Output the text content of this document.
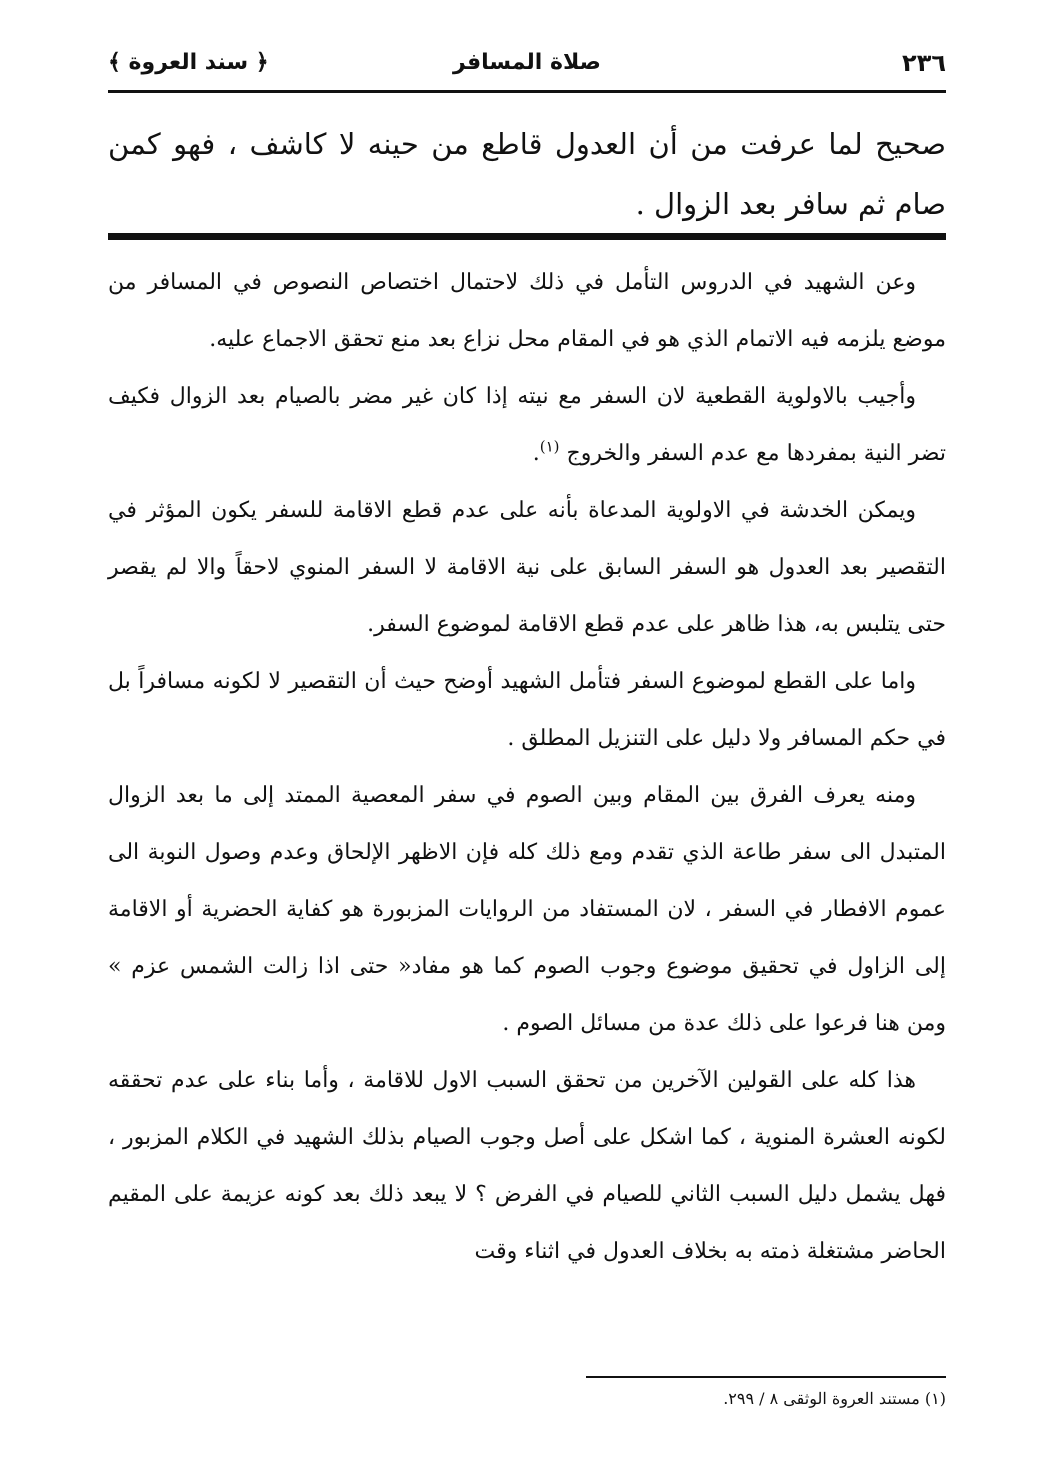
٢٣٦
صلاة المسافر
﴿ سند العروة ﴾

صحيح لما عرفت من أن العدول قاطع من حينه لا كاشف ، فهو كمن صام ثم سافر بعد الزوال .

وعن الشهيد في الدروس التأمل في ذلك لاحتمال اختصاص النصوص في المسافر من موضع يلزمه فيه الاتمام الذي هو في المقام محل نزاع بعد منع تحقق الاجماع عليه.

وأجيب بالاولوية القطعية لان السفر مع نيته إذا كان غير مضر بالصيام بعد الزوال فكيف تضر النية بمفردها مع عدم السفر والخروج $^{(١)}$.

ويمكن الخدشة في الاولوية المدعاة بأنه على عدم قطع الاقامة للسفر يكون المؤثر في التقصير بعد العدول هو السفر السابق على نية الاقامة لا السفر المنوي لاحقاً والا لم يقصر حتى يتلبس به، هذا ظاهر على عدم قطع الاقامة لموضوع السفر.

واما على القطع لموضوع السفر فتأمل الشهيد أوضح حيث أن التقصير لا لكونه مسافراً بل في حكم المسافر ولا دليل على التنزيل المطلق .

ومنه يعرف الفرق بين المقام وبين الصوم في سفر المعصية الممتد إلى ما بعد الزوال المتبدل الى سفر طاعة الذي تقدم ومع ذلك كله فإن الاظهر الإلحاق وعدم وصول النوبة الى عموم الافطار في السفر ، لان المستفاد من الروايات المزبورة هو كفاية الحضرية أو الاقامة إلى الزاول في تحقيق موضوع وجوب الصوم كما هو مفاد« حتى اذا زالت الشمس عزم » ومن هنا فرعوا على ذلك عدة من مسائل الصوم .

هذا كله على القولين الآخرين من تحقق السبب الاول للاقامة ، وأما بناء على عدم تحققه لكونه العشرة المنوية ، كما اشكل على أصل وجوب الصيام بذلك الشهيد في الكلام المزبور ، فهل يشمل دليل السبب الثاني للصيام في الفرض ؟ لا يبعد ذلك بعد كونه عزيمة على المقيم الحاضر مشتغلة ذمته به بخلاف العدول في اثناء وقت

(١) مستند العروة الوثقى ٨ / ٢٩٩.
